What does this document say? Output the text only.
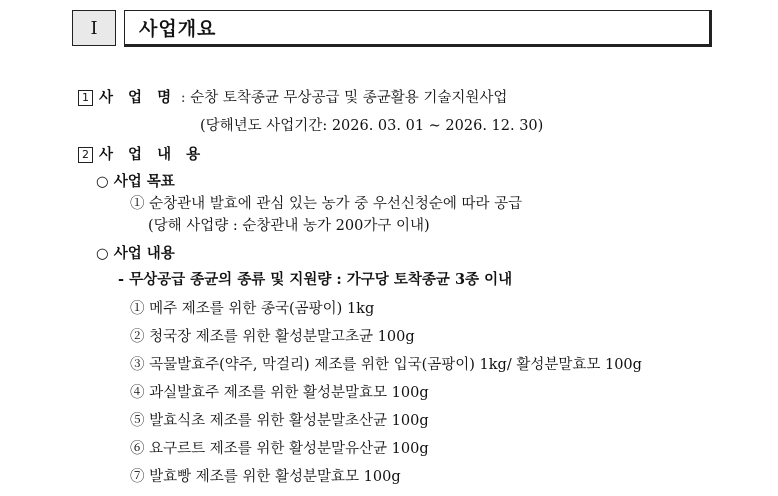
Ⅰ	사업개요
1 사 업 명 : 순창 토착종균 무상공급 및 종균활용 기술지원사업
(당해년도 사업기간: 2026. 03. 01 ~ 2026. 12. 30)
2 사 업 내 용
○ 사업 목표
① 순창관내 발효에 관심 있는 농가 중 우선신청순에 따라 공급
(당해 사업량 : 순창관내 농가 200가구 이내)
○ 사업 내용
- 무상공급 종균의 종류 및 지원량 : 가구당 토착종균 3종 이내
① 메주 제조를 위한 종국(곰팡이) 1kg
② 청국장 제조를 위한 활성분말고초균 100g
③ 곡물발효주(약주, 막걸리) 제조를 위한 입국(곰팡이) 1kg/ 활성분말효모 100g
④ 과실발효주 제조를 위한 활성분말효모 100g
⑤ 발효식초 제조를 위한 활성분말초산균 100g
⑥ 요구르트 제조를 위한 활성분말유산균 100g
⑦ 발효빵 제조를 위한 활성분말효모 100g
